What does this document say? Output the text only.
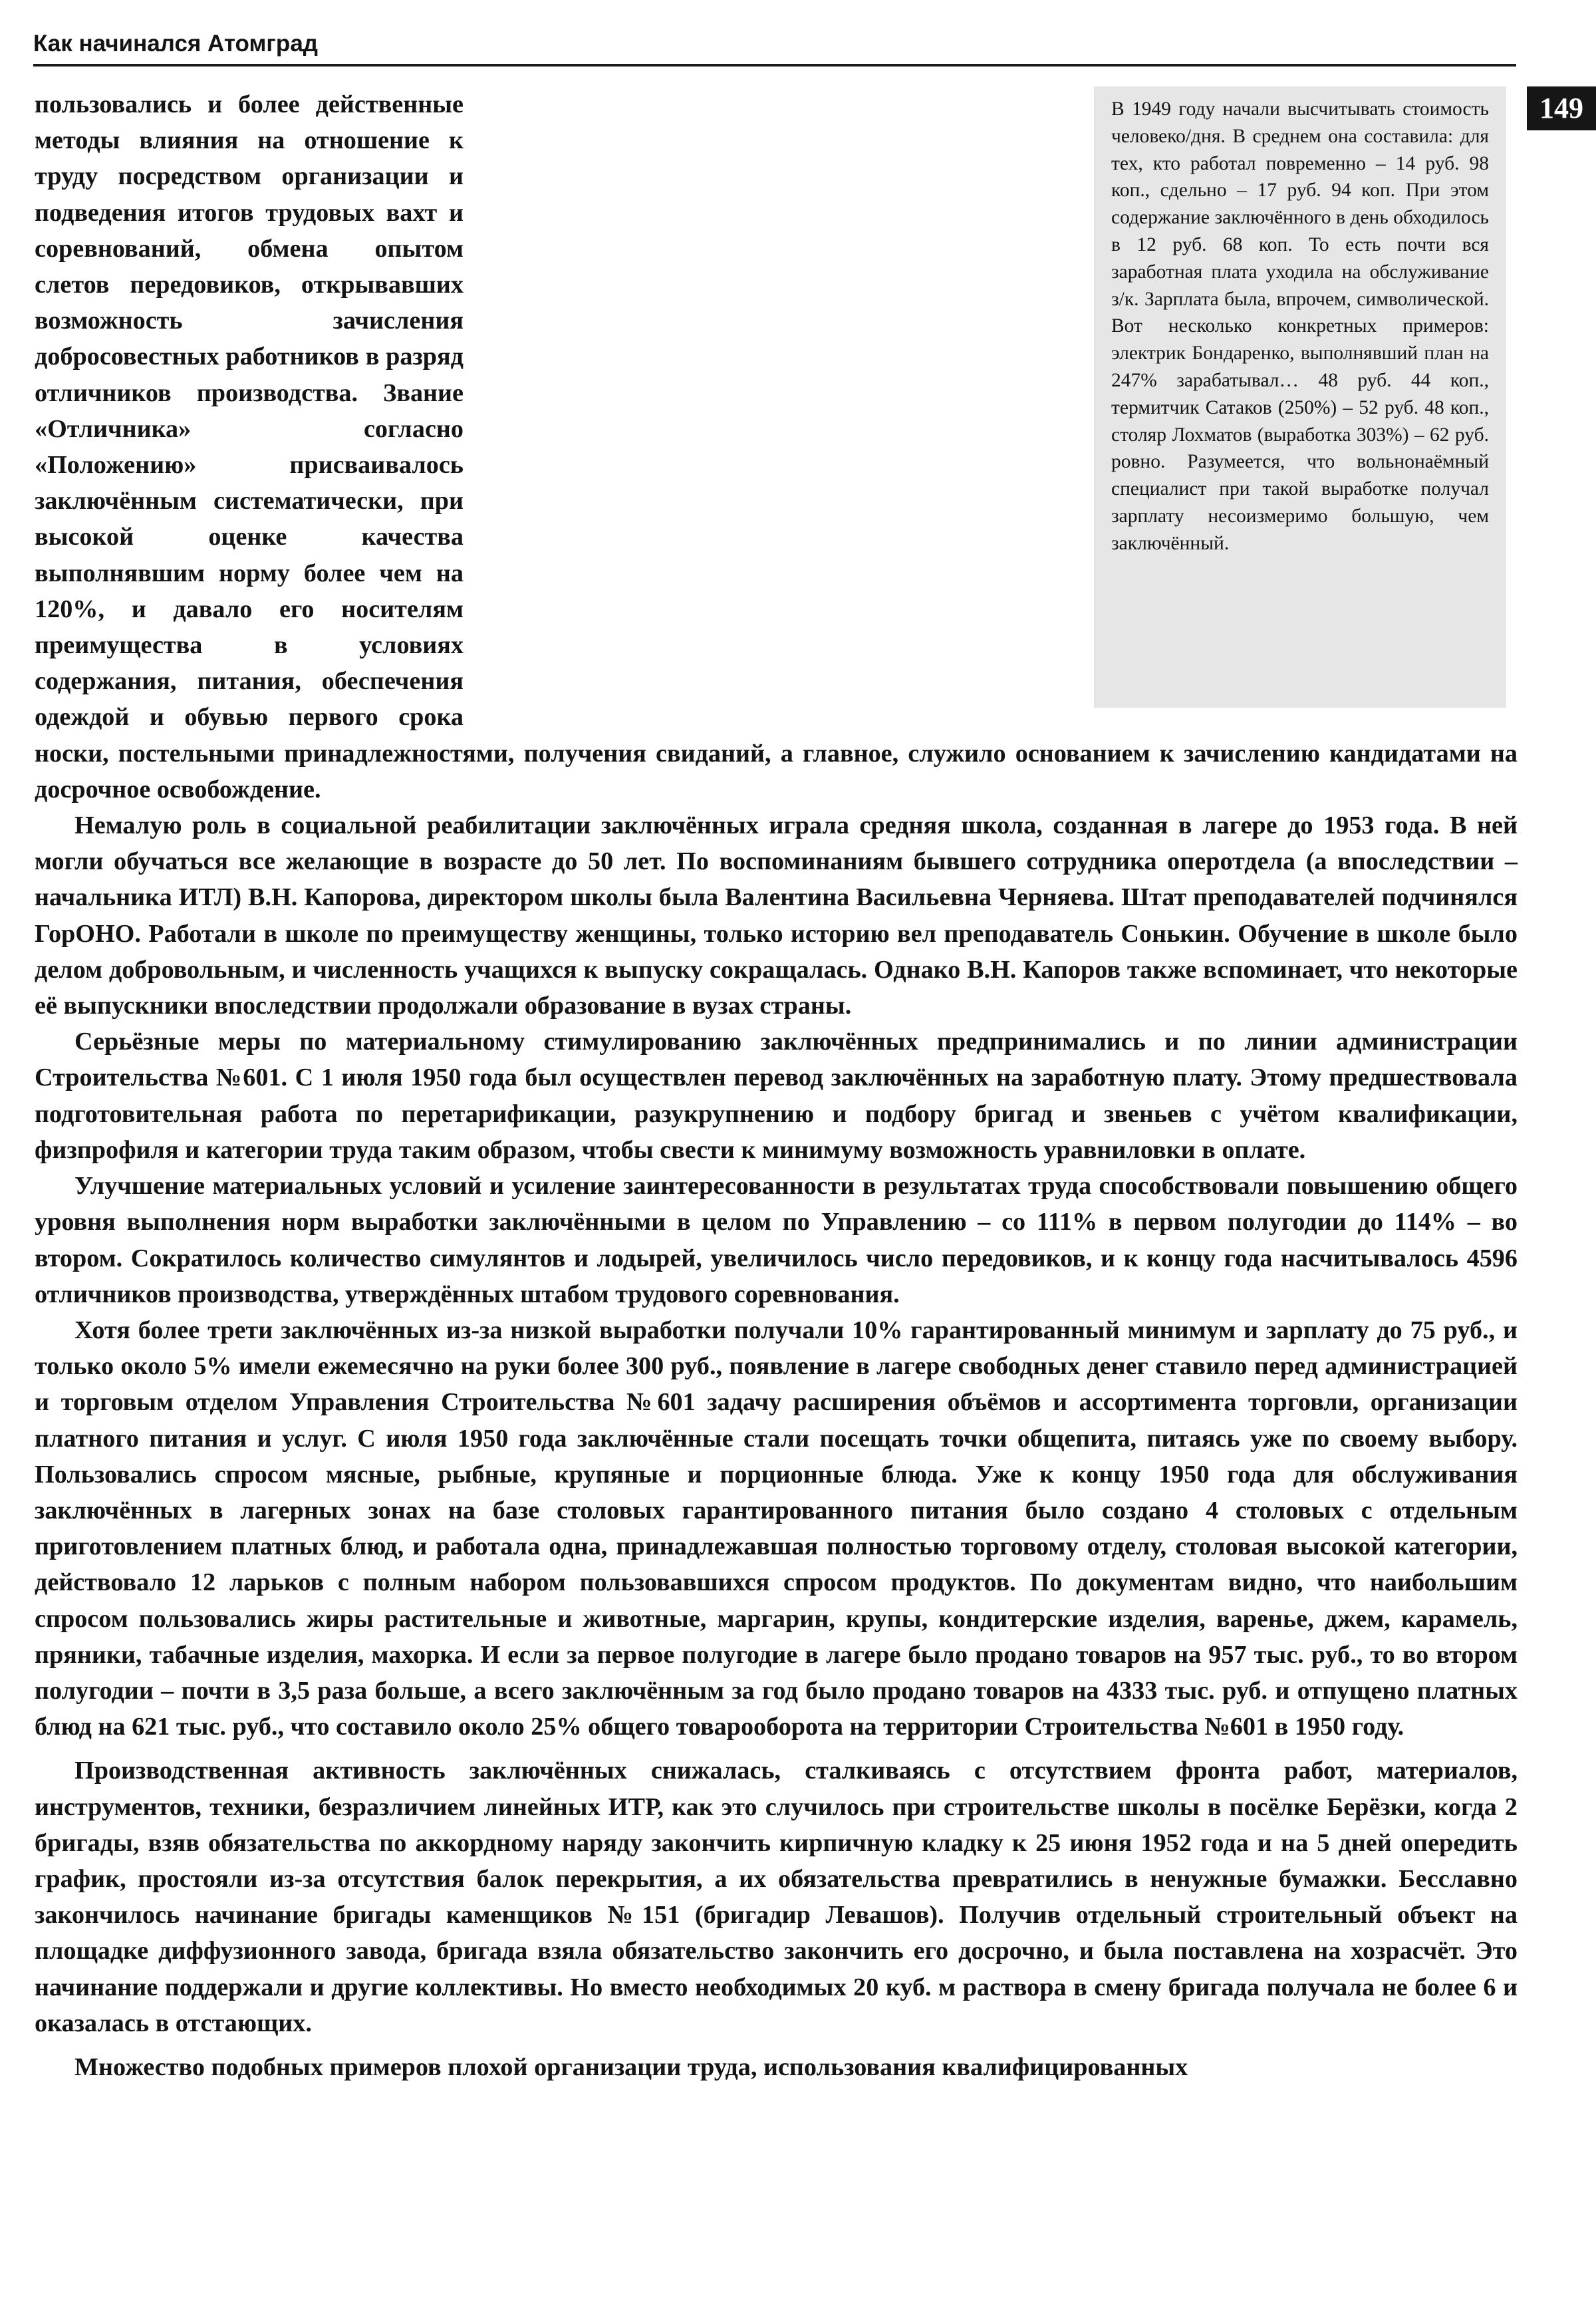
Как начинался Атомград
149
В 1949 году начали высчитывать стоимость человеко/дня. В среднем она составила: для тех, кто работал повременно – 14 руб. 98 коп., сдельно – 17 руб. 94 коп. При этом содержание заключённого в день обходилось в 12 руб. 68 коп. То есть почти вся заработная плата уходила на обслуживание з/к. Зарплата была, впрочем, символической. Вот несколько конкретных примеров: электрик Бондаренко, выполнявший план на 247% зарабатывал… 48 руб. 44 коп., термитчик Сатаков (250%) – 52 руб. 48 коп., столяр Лохматов (выработка 303%) – 62 руб. ровно. Разумеется, что вольнонаёмный специалист при такой выработке получал зарплату несоизмеримо большую, чем заключённый.

пользовались и более действенные методы влияния на отношение к труду посредством организации и подведения итогов трудовых вахт и соревнований, обмена опытом слетов передовиков, открывавших возможность зачисления добросовестных работников в разряд отличников производства. Звание «Отличника» согласно «Положению» присваивалось заключённым систематически, при высокой оценке качества выполнявшим норму более чем на 120%, и давало его носителям преимущества в условиях содержания, питания, обеспечения одеждой и обувью первого срока носки, постельными принадлежностями, получения свиданий, а главное, служило основанием к зачислению кандидатами на досрочное освобождение.

Немалую роль в социальной реабилитации заключённых играла средняя школа, созданная в лагере до 1953 года. В ней могли обучаться все желающие в возрасте до 50 лет. По воспоминаниям бывшего сотрудника оперотдела (а впоследствии – начальника ИТЛ) В.Н. Капорова, директором школы была Валентина Васильевна Черняева. Штат преподавателей подчинялся ГорОНО. Работали в школе по преимуществу женщины, только историю вел преподаватель Сонькин. Обучение в школе было делом добровольным, и численность учащихся к выпуску сокращалась. Однако В.Н. Капоров также вспоминает, что некоторые её выпускники впоследствии продолжали образование в вузах страны.

Серьёзные меры по материальному стимулированию заключённых предпринимались и по линии администрации Строительства №601. С 1 июля 1950 года был осуществлен перевод заключённых на заработную плату. Этому предшествовала подготовительная работа по перетарификации, разукрупнению и подбору бригад и звеньев с учётом квалификации, физпрофиля и категории труда таким образом, чтобы свести к минимуму возможность уравниловки в оплате.

Улучшение материальных условий и усиление заинтересованности в результатах труда способствовали повышению общего уровня выполнения норм выработки заключёнными в целом по Управлению – со 111% в первом полугодии до 114% – во втором. Сократилось количество симулянтов и лодырей, увеличилось число передовиков, и к концу года насчитывалось 4596 отличников производства, утверждённых штабом трудового соревнования.

Хотя более трети заключённых из-за низкой выработки получали 10% гарантированный минимум и зарплату до 75 руб., и только около 5% имели ежемесячно на руки более 300 руб., появление в лагере свободных денег ставило перед администрацией и торговым отделом Управления Строительства №601 задачу расширения объёмов и ассортимента торговли, организации платного питания и услуг. С июля 1950 года заключённые стали посещать точки общепита, питаясь уже по своему выбору. Пользовались спросом мясные, рыбные, крупяные и порционные блюда. Уже к концу 1950 года для обслуживания заключённых в лагерных зонах на базе столовых гарантированного питания было создано 4 столовых с отдельным приготовлением платных блюд, и работала одна, принадлежавшая полностью торговому отделу, столовая высокой категории, действовало 12 ларьков с полным набором пользовавшихся спросом продуктов. По документам видно, что наибольшим спросом пользовались жиры растительные и животные, маргарин, крупы, кондитерские изделия, варенье, джем, карамель, пряники, табачные изделия, махорка. И если за первое полугодие в лагере было продано товаров на 957 тыс. руб., то во втором полугодии – почти в 3,5 раза больше, а всего заключённым за год было продано товаров на 4333 тыс. руб. и отпущено платных блюд на 621 тыс. руб., что составило около 25% общего товарооборота на территории Строительства №601 в 1950 году.

Производственная активность заключённых снижалась, сталкиваясь с отсутствием фронта работ, материалов, инструментов, техники, безразличием линейных ИТР, как это случилось при строительстве школы в посёлке Берёзки, когда 2 бригады, взяв обязательства по аккордному наряду закончить кирпичную кладку к 25 июня 1952 года и на 5 дней опередить график, простояли из-за отсутствия балок перекрытия, а их обязательства превратились в ненужные бумажки. Бесславно закончилось начинание бригады каменщиков №151 (бригадир Левашов). Получив отдельный строительный объект на площадке диффузионного завода, бригада взяла обязательство закончить его досрочно, и была поставлена на хозрасчёт. Это начинание поддержали и другие коллективы. Но вместо необходимых 20 куб. м раствора в смену бригада получала не более 6 и оказалась в отстающих.

Множество подобных примеров плохой организации труда, использования квалифицированных
